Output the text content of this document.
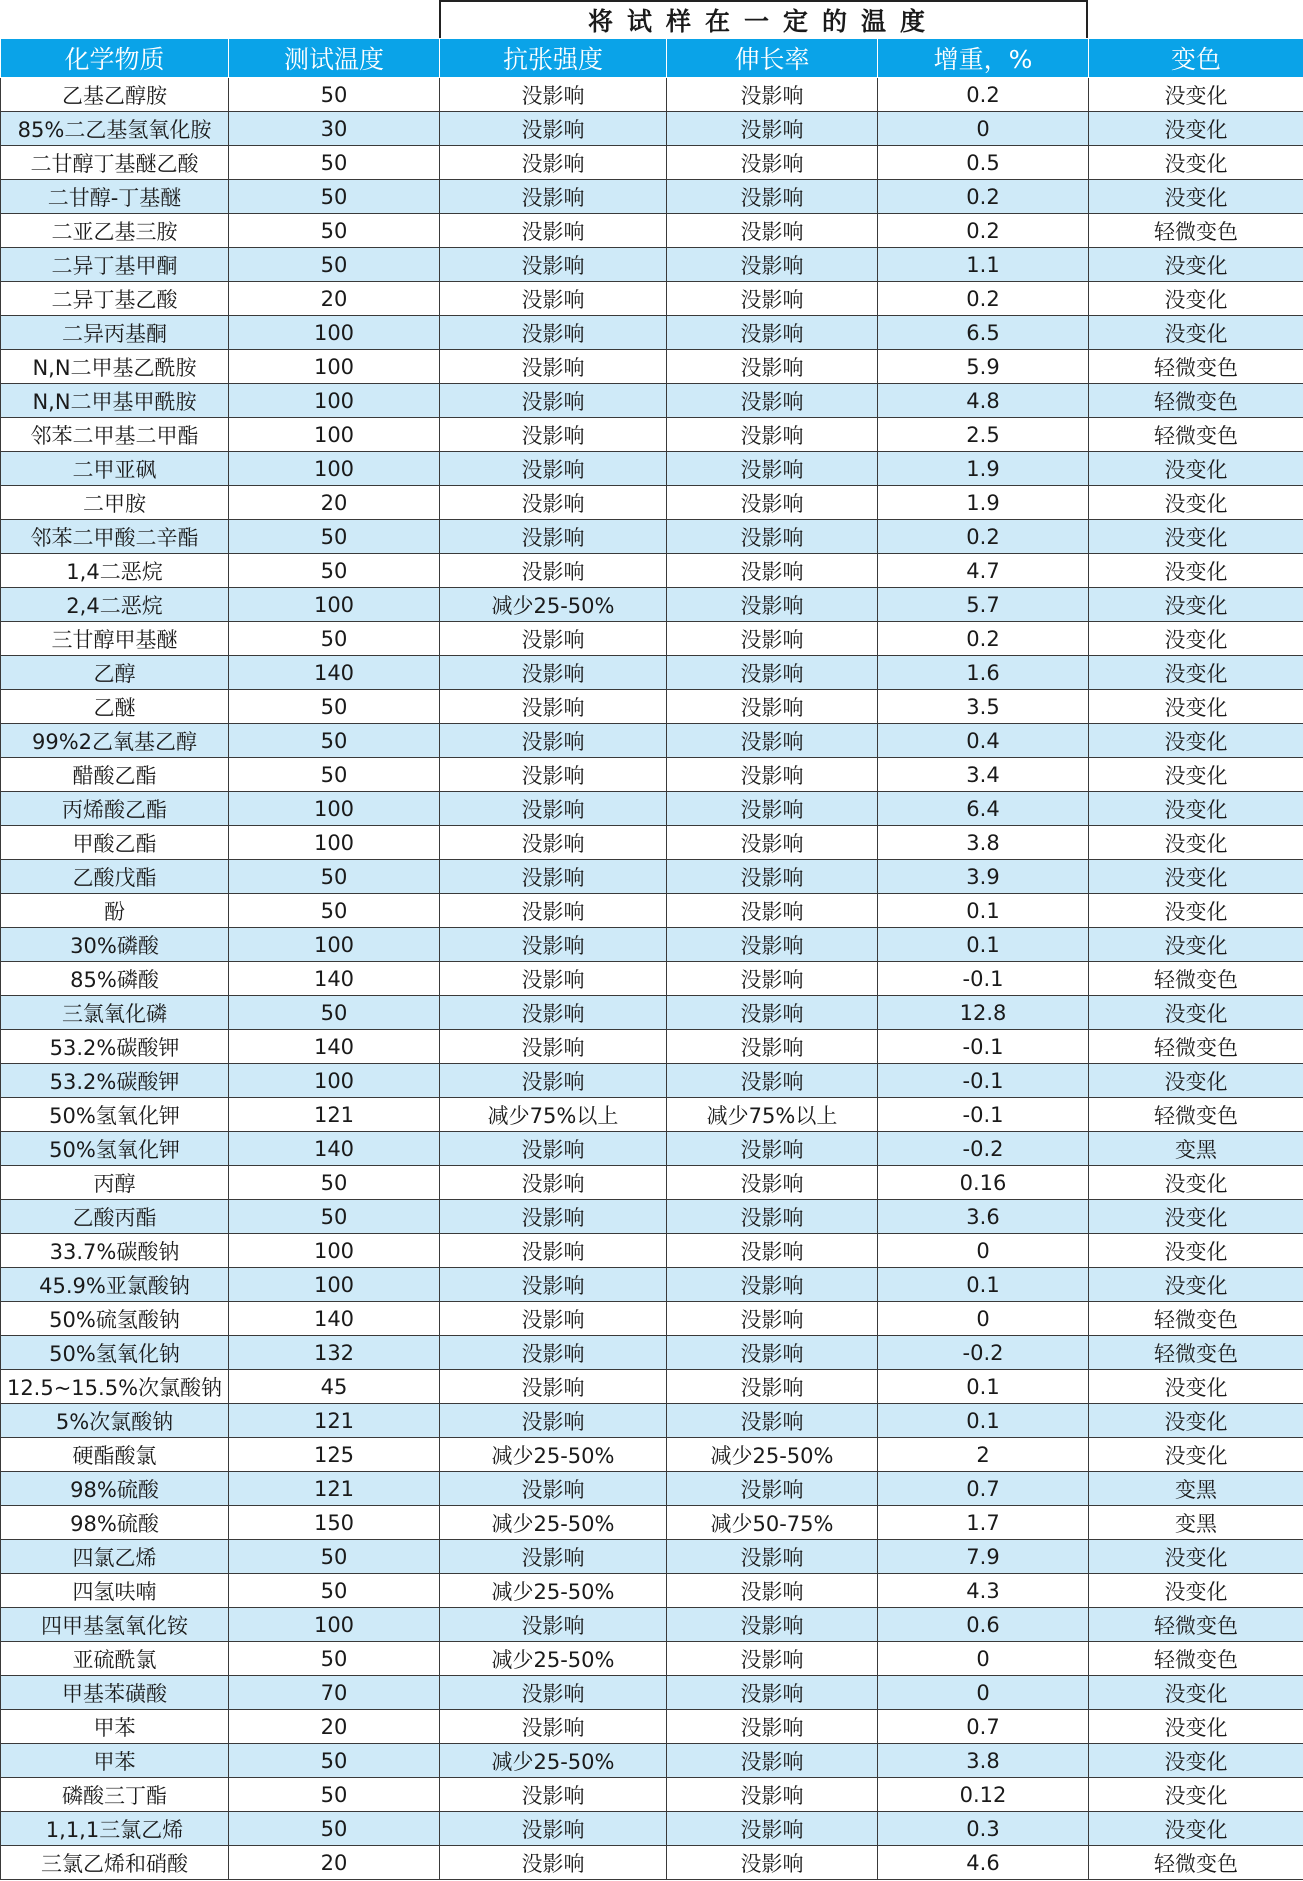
将试样在一定的温度
化学物质	测试温度	抗张强度	伸长率	增重，%	变色
乙基乙醇胺	50	没影响	没影响	0.2	没变化
85%二乙基氢氧化胺	30	没影响	没影响	0	没变化
二甘醇丁基醚乙酸	50	没影响	没影响	0.5	没变化
二甘醇-丁基醚	50	没影响	没影响	0.2	没变化
二亚乙基三胺	50	没影响	没影响	0.2	轻微变色
二异丁基甲酮	50	没影响	没影响	1.1	没变化
二异丁基乙酸	20	没影响	没影响	0.2	没变化
二异丙基酮	100	没影响	没影响	6.5	没变化
N,N二甲基乙酰胺	100	没影响	没影响	5.9	轻微变色
N,N二甲基甲酰胺	100	没影响	没影响	4.8	轻微变色
邻苯二甲基二甲酯	100	没影响	没影响	2.5	轻微变色
二甲亚砜	100	没影响	没影响	1.9	没变化
二甲胺	20	没影响	没影响	1.9	没变化
邻苯二甲酸二辛酯	50	没影响	没影响	0.2	没变化
1,4二恶烷	50	没影响	没影响	4.7	没变化
2,4二恶烷	100	减少25-50%	没影响	5.7	没变化
三甘醇甲基醚	50	没影响	没影响	0.2	没变化
乙醇	140	没影响	没影响	1.6	没变化
乙醚	50	没影响	没影响	3.5	没变化
99%2乙氧基乙醇	50	没影响	没影响	0.4	没变化
醋酸乙酯	50	没影响	没影响	3.4	没变化
丙烯酸乙酯	100	没影响	没影响	6.4	没变化
甲酸乙酯	100	没影响	没影响	3.8	没变化
乙酸戊酯	50	没影响	没影响	3.9	没变化
酚	50	没影响	没影响	0.1	没变化
30%磷酸	100	没影响	没影响	0.1	没变化
85%磷酸	140	没影响	没影响	-0.1	轻微变色
三氯氧化磷	50	没影响	没影响	12.8	没变化
53.2%碳酸钾	140	没影响	没影响	-0.1	轻微变色
53.2%碳酸钾	100	没影响	没影响	-0.1	没变化
50%氢氧化钾	121	减少75%以上	减少75%以上	-0.1	轻微变色
50%氢氧化钾	140	没影响	没影响	-0.2	变黑
丙醇	50	没影响	没影响	0.16	没变化
乙酸丙酯	50	没影响	没影响	3.6	没变化
33.7%碳酸钠	100	没影响	没影响	0	没变化
45.9%亚氯酸钠	100	没影响	没影响	0.1	没变化
50%硫氢酸钠	140	没影响	没影响	0	轻微变色
50%氢氧化钠	132	没影响	没影响	-0.2	轻微变色
12.5~15.5%次氯酸钠	45	没影响	没影响	0.1	没变化
5%次氯酸钠	121	没影响	没影响	0.1	没变化
硬酯酸氯	125	减少25-50%	减少25-50%	2	没变化
98%硫酸	121	没影响	没影响	0.7	变黑
98%硫酸	150	减少25-50%	减少50-75%	1.7	变黑
四氯乙烯	50	没影响	没影响	7.9	没变化
四氢呋喃	50	减少25-50%	没影响	4.3	没变化
四甲基氢氧化铵	100	没影响	没影响	0.6	轻微变色
亚硫酰氯	50	减少25-50%	没影响	0	轻微变色
甲基苯磺酸	70	没影响	没影响	0	没变化
甲苯	20	没影响	没影响	0.7	没变化
甲苯	50	减少25-50%	没影响	3.8	没变化
磷酸三丁酯	50	没影响	没影响	0.12	没变化
1,1,1三氯乙烯	50	没影响	没影响	0.3	没变化
三氯乙烯和硝酸	20	没影响	没影响	4.6	轻微变色
